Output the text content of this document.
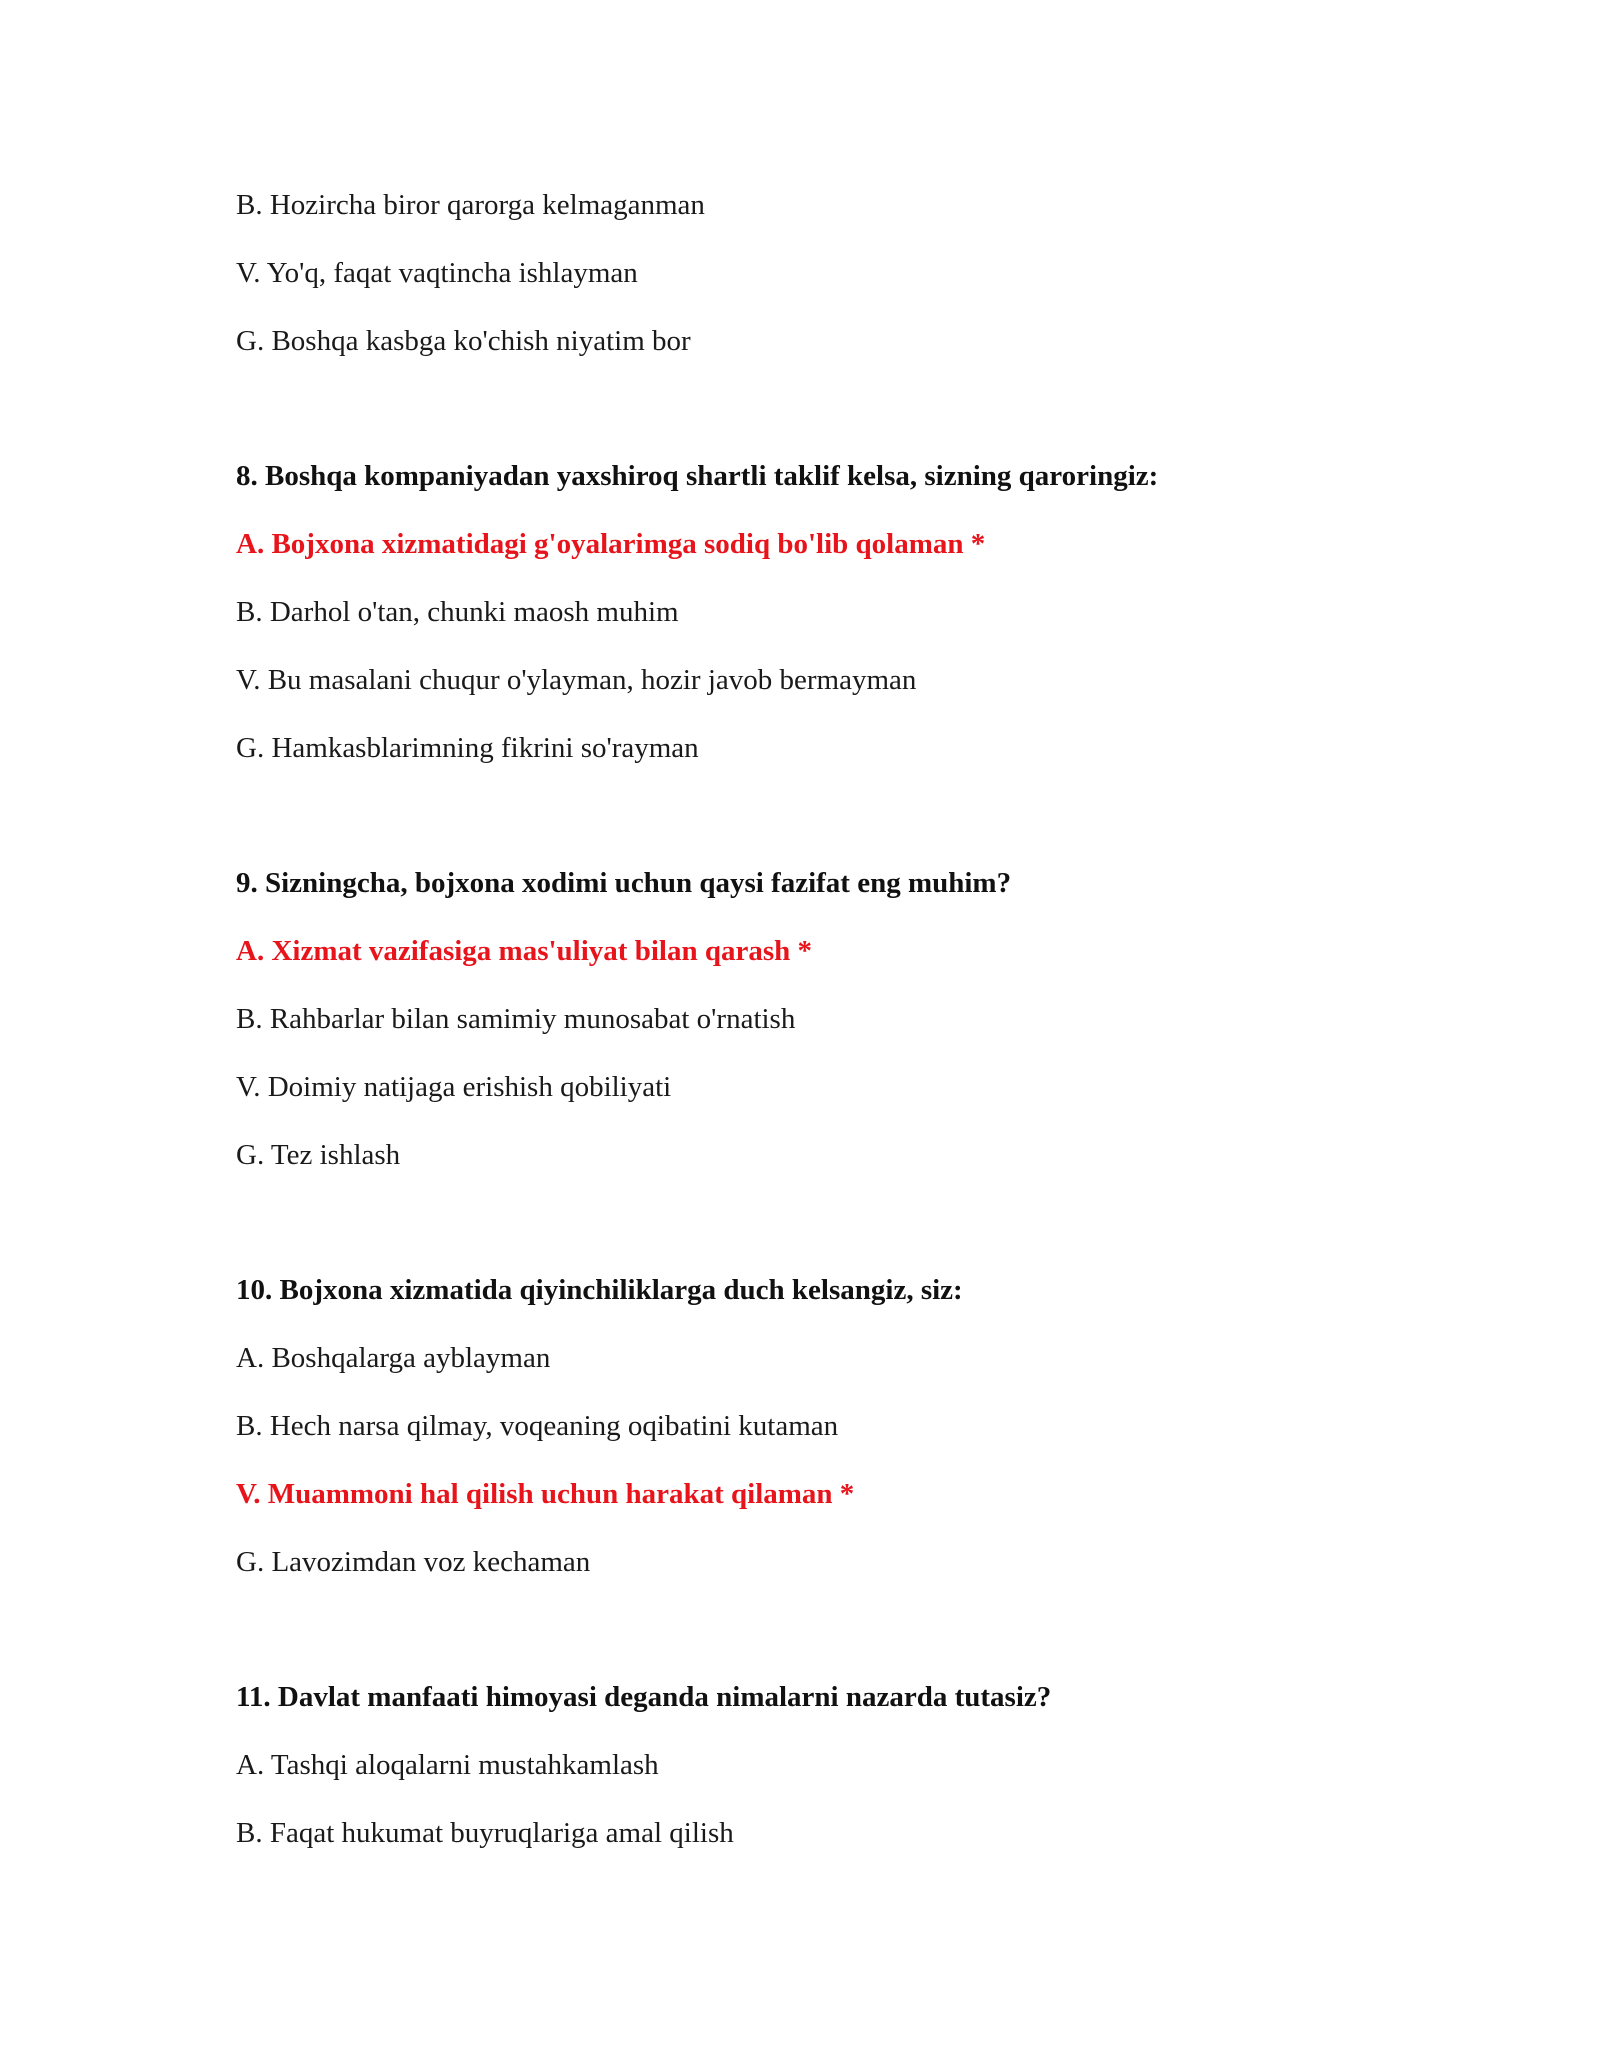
B. Hozircha biror qarorga kelmaganman
V. Yo'q, faqat vaqtincha ishlayman
G. Boshqa kasbga ko'chish niyatim bor
8. Boshqa kompaniyadan yaxshiroq shartli taklif kelsa, sizning qaroringiz:
A. Bojxona xizmatidagi g'oyalarimga sodiq bo'lib qolaman *
B. Darhol o'tan, chunki maosh muhim
V. Bu masalani chuqur o'ylayman, hozir javob bermayman
G. Hamkasblarimning fikrini so'rayman
9. Sizningcha, bojxona xodimi uchun qaysi fazifat eng muhim?
A. Xizmat vazifasiga mas'uliyat bilan qarash *
B. Rahbarlar bilan samimiy munosabat o'rnatish
V. Doimiy natijaga erishish qobiliyati
G. Tez ishlash
10. Bojxona xizmatida qiyinchiliklarga duch kelsangiz, siz:
A. Boshqalarga ayblayman
B. Hech narsa qilmay, voqeaning oqibatini kutaman
V. Muammoni hal qilish uchun harakat qilaman *
G. Lavozimdan voz kechaman
11. Davlat manfaati himoyasi deganda nimalarni nazarda tutasiz?
A. Tashqi aloqalarni mustahkamlash
B. Faqat hukumat buyruqlariga amal qilish
